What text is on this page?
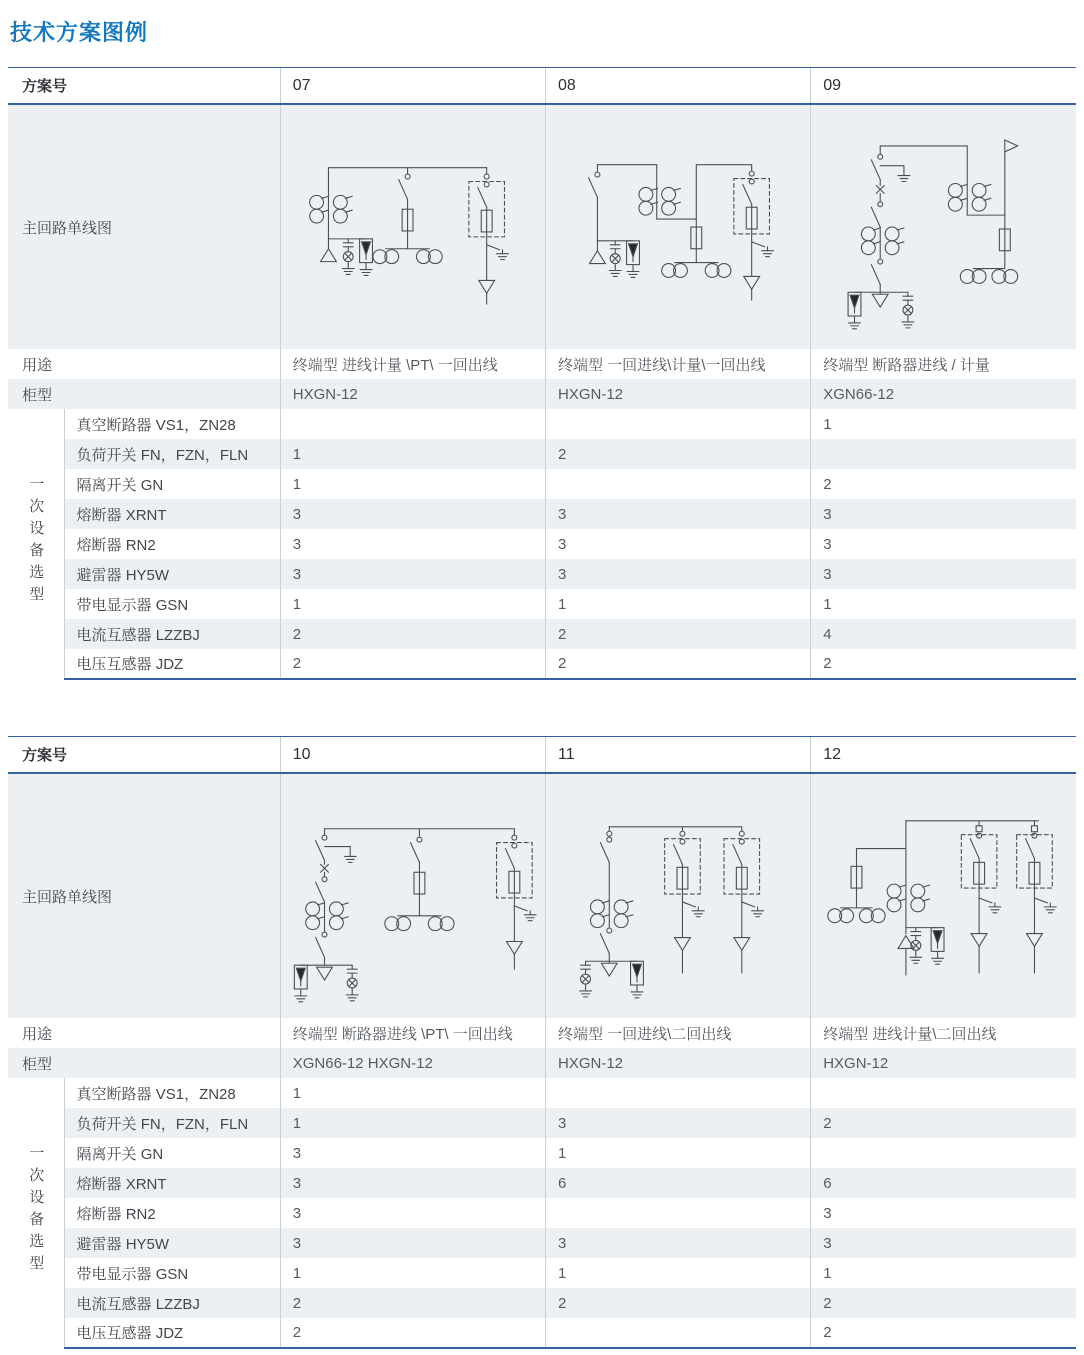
技术方案图例
方案号		07	08	09
主回路单线图	

用途		终端型 进线计量 \PT\ 一回出线	终端型 一回进线\计量\一回出线	终端型 断路器进线 / 计量
柜型		HXGN-12	HXGN-12	XGN66-12
一次设备选型	真空断路器 VS1，ZN28			1
	负荷开关 FN，FZN，FLN	1	2	
	隔离开关 GN	1		2
	熔断器 XRNT	3	3	3
	熔断器 RN2	3	3	3
	避雷器 HY5W	3	3	3
	带电显示器 GSN	1	1	1
	电流互感器 LZZBJ	2	2	4
	电压互感器 JDZ	2	2	2
方案号		10	11	12
主回路单线图	

用途		终端型 断路器进线 \PT\ 一回出线	终端型 一回进线\二回出线	终端型 进线计量\二回出线
柜型		XGN66-12 HXGN-12	HXGN-12	HXGN-12
一次设备选型	真空断路器 VS1，ZN28	1		
	负荷开关 FN，FZN，FLN	1	3	2
	隔离开关 GN	3	1	
	熔断器 XRNT	3	6	6
	熔断器 RN2	3		3
	避雷器 HY5W	3	3	3
	带电显示器 GSN	1	1	1
	电流互感器 LZZBJ	2	2	2
	电压互感器 JDZ	2		2
